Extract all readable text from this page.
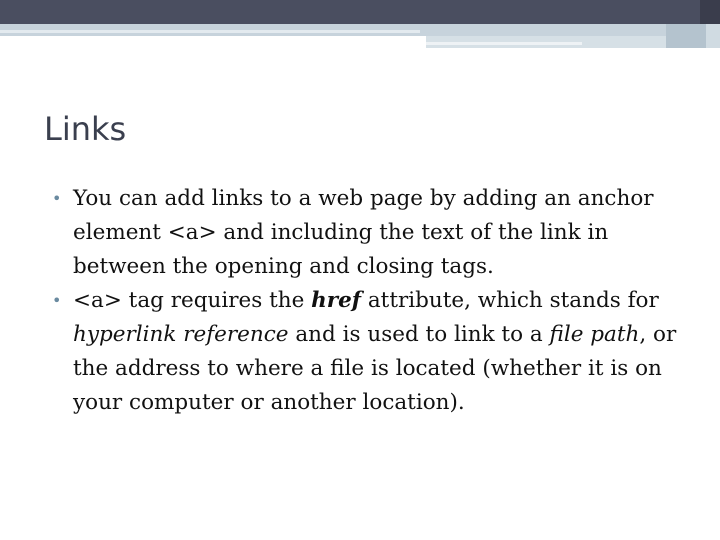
Links
• You can add links to a web page by adding an anchor element <a> and including the text of the link in between the opening and closing tags.
• <a> tag requires the href attribute, which stands for hyperlink reference and is used to link to a file path, or the address to where a file is located (whether it is on your computer or another location).
